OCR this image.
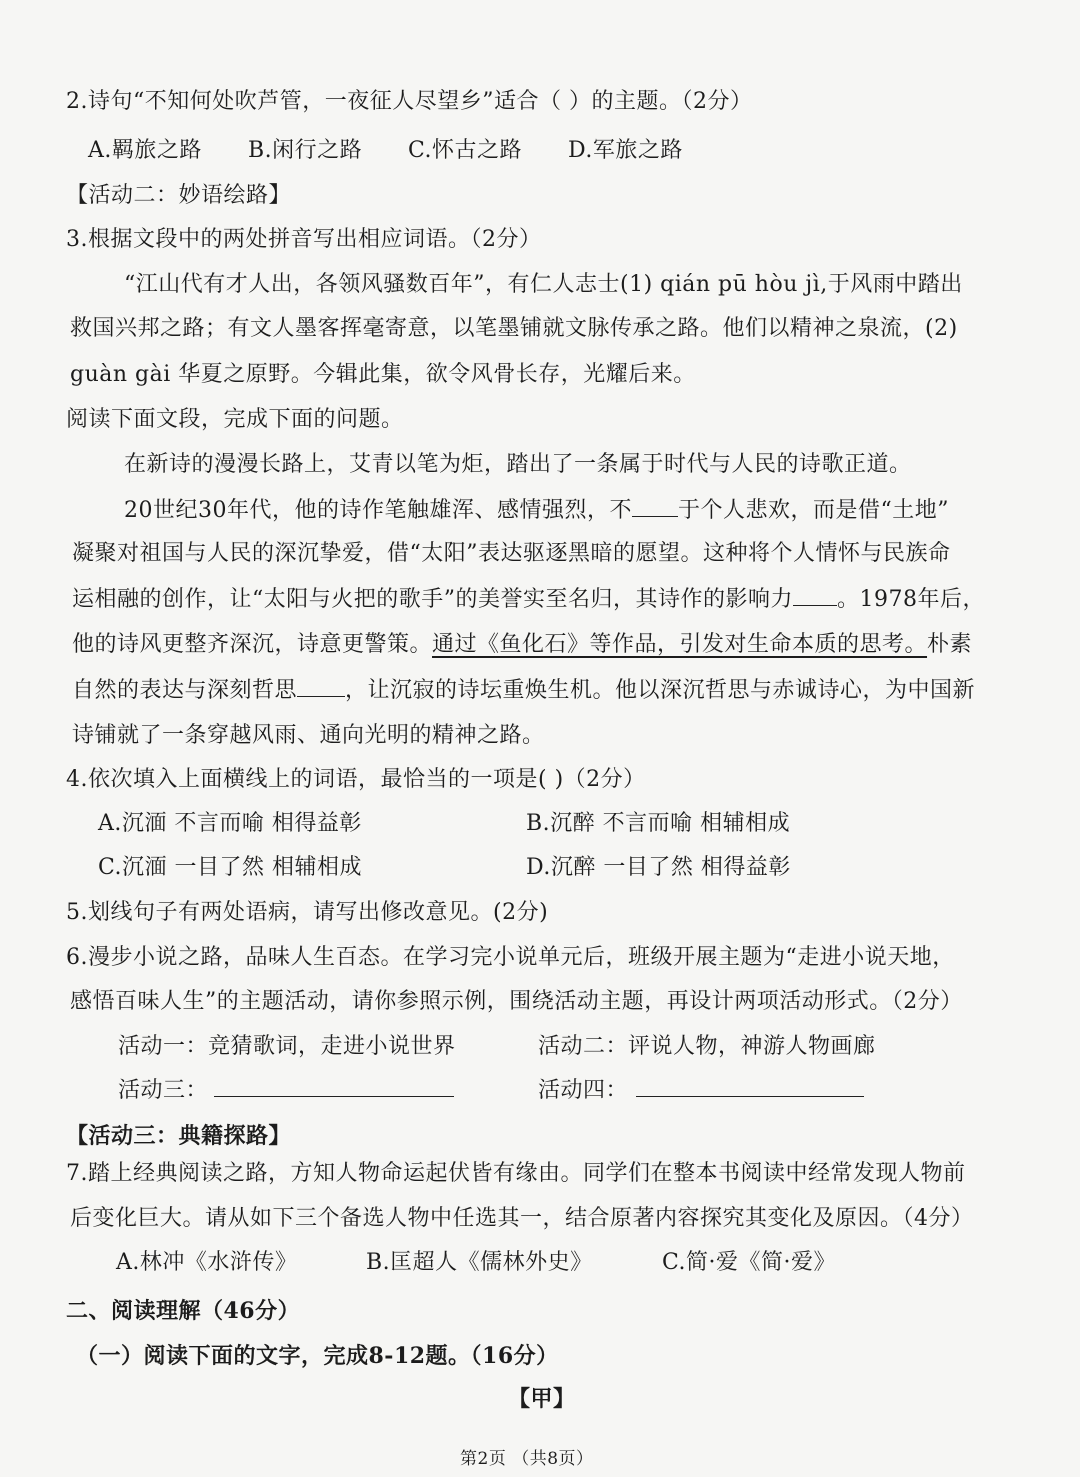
2.诗句“不知何处吹芦管，一夜征人尽望乡”适合（ ）的主题。（2分）
A.羁旅之路 B.闲行之路 C.怀古之路 D.军旅之路
【活动二：妙语绘路】
3.根据文段中的两处拼音写出相应词语。（2分）
“江山代有才人出，各领风骚数百年”，有仁人志士(1) qián pū hòu jì,于风雨中踏出
救国兴邦之路；有文人墨客挥毫寄意，以笔墨铺就文脉传承之路。他们以精神之泉流，(2)
guàn gài 华夏之原野。今辑此集，欲令风骨长存，光耀后来。
阅读下面文段，完成下面的问题。
在新诗的漫漫长路上，艾青以笔为炬，踏出了一条属于时代与人民的诗歌正道。
20世纪30年代，他的诗作笔触雄浑、感情强烈，不 于个人悲欢，而是借“土地”
凝聚对祖国与人民的深沉挚爱，借“太阳”表达驱逐黑暗的愿望。这种将个人情怀与民族命
运相融的创作，让“太阳与火把的歌手”的美誉实至名归，其诗作的影响力 。1978年后，
他的诗风更整齐深沉，诗意更警策。通过《鱼化石》等作品，引发对生命本质的思考。朴素
自然的表达与深刻哲思 ，让沉寂的诗坛重焕生机。他以深沉哲思与赤诚诗心，为中国新
诗铺就了一条穿越风雨、通向光明的精神之路。
4.依次填入上面横线上的词语，最恰当的一项是( )（2分）
A.沉湎 不言而喻 相得益彰	B.沉醉 不言而喻 相辅相成
C.沉湎 一目了然 相辅相成	D.沉醉 一目了然 相得益彰
5.划线句子有两处语病，请写出修改意见。(2分)
6.漫步小说之路，品味人生百态。在学习完小说单元后，班级开展主题为“走进小说天地，
感悟百味人生”的主题活动，请你参照示例，围绕活动主题，再设计两项活动形式。（2分）
活动一：竞猜歌词，走进小说世界	活动二：评说人物，神游人物画廊
活动三：	活动四：
【活动三：典籍探路】
7.踏上经典阅读之路，方知人物命运起伏皆有缘由。同学们在整本书阅读中经常发现人物前
后变化巨大。请从如下三个备选人物中任选其一，结合原著内容探究其变化及原因。（4分）
A.林冲《水浒传》	B.匡超人《儒林外史》	C.简·爱《简·爱》
二、阅读理解（46分）
（一）阅读下面的文字，完成8-12题。（16分）
【甲】
第2页 （共8页）
